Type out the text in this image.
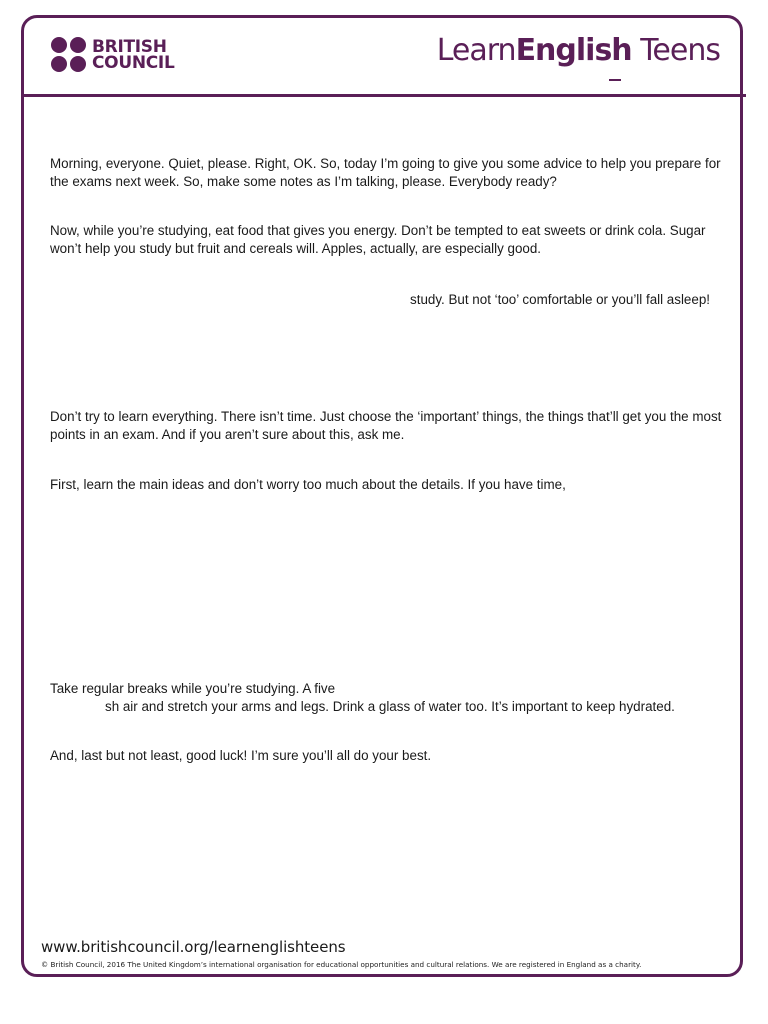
BRITISH
COUNCIL	LearnEnglish Teens

Morning, everyone. Quiet, please. Right, OK. So, today I’m going to give you some advice to help you prepare for the exams next week. So, make some notes as I’m talking, please. Everybody ready?

Now, while you’re studying, eat food that gives you energy. Don’t be tempted to eat sweets or drink cola. Sugar won’t help you study but fruit and cereals will. Apples, actually, are especially good.

study. But not ‘too’ comfortable or you’ll fall asleep!

Don’t try to learn everything. There isn’t time. Just choose the ‘important’ things, the things that’ll get you the most points in an exam. And if you aren’t sure about this, ask me.

First, learn the main ideas and don’t worry too much about the details. If you have time,

Take regular breaks while you’re studying. A five
sh air and stretch your arms and legs. Drink a glass of water too. It’s important to keep hydrated.

And, last but not least, good luck! I’m sure you’ll all do your best.

www.britishcouncil.org/learnenglishteens
© British Council, 2016 The United Kingdom’s international organisation for educational opportunities and cultural relations. We are registered in England as a charity.
